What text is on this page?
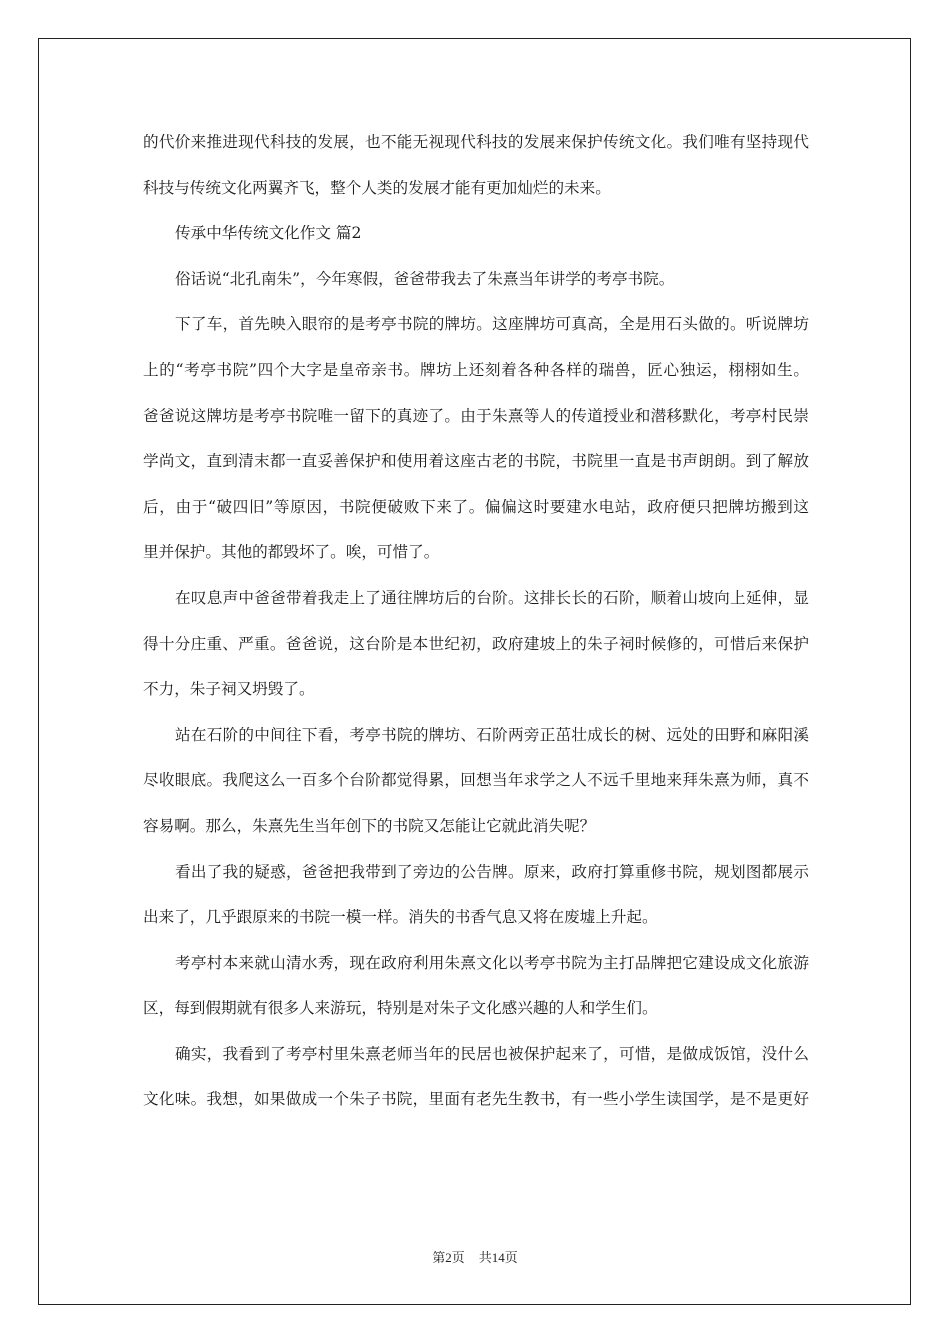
的代价来推进现代科技的发展，也不能无视现代科技的发展来保护传统文化。我们唯有坚持现代
科技与传统文化两翼齐飞，整个人类的发展才能有更加灿烂的未来。
传承中华传统文化作文 篇2
俗话说“北孔南朱”，今年寒假，爸爸带我去了朱熹当年讲学的考亭书院。
下了车，首先映入眼帘的是考亭书院的牌坊。这座牌坊可真高，全是用石头做的。听说牌坊
上的“考亭书院”四个大字是皇帝亲书。牌坊上还刻着各种各样的瑞兽，匠心独运，栩栩如生。
爸爸说这牌坊是考亭书院唯一留下的真迹了。由于朱熹等人的传道授业和潜移默化，考亭村民崇
学尚文，直到清末都一直妥善保护和使用着这座古老的书院，书院里一直是书声朗朗。到了解放
后，由于“破四旧”等原因，书院便破败下来了。偏偏这时要建水电站，政府便只把牌坊搬到这
里并保护。其他的都毁坏了。唉，可惜了。
在叹息声中爸爸带着我走上了通往牌坊后的台阶。这排长长的石阶，顺着山坡向上延伸，显
得十分庄重、严重。爸爸说，这台阶是本世纪初，政府建坡上的朱子祠时候修的，可惜后来保护
不力，朱子祠又坍毁了。
站在石阶的中间往下看，考亭书院的牌坊、石阶两旁正茁壮成长的树、远处的田野和麻阳溪
尽收眼底。我爬这么一百多个台阶都觉得累，回想当年求学之人不远千里地来拜朱熹为师，真不
容易啊。那么，朱熹先生当年创下的书院又怎能让它就此消失呢？
看出了我的疑惑，爸爸把我带到了旁边的公告牌。原来，政府打算重修书院，规划图都展示
出来了，几乎跟原来的书院一模一样。消失的书香气息又将在废墟上升起。
考亭村本来就山清水秀，现在政府利用朱熹文化以考亭书院为主打品牌把它建设成文化旅游
区，每到假期就有很多人来游玩，特别是对朱子文化感兴趣的人和学生们。
确实，我看到了考亭村里朱熹老师当年的民居也被保护起来了，可惜，是做成饭馆，没什么
文化味。我想，如果做成一个朱子书院，里面有老先生教书，有一些小学生读国学，是不是更好
第2页 共14页
